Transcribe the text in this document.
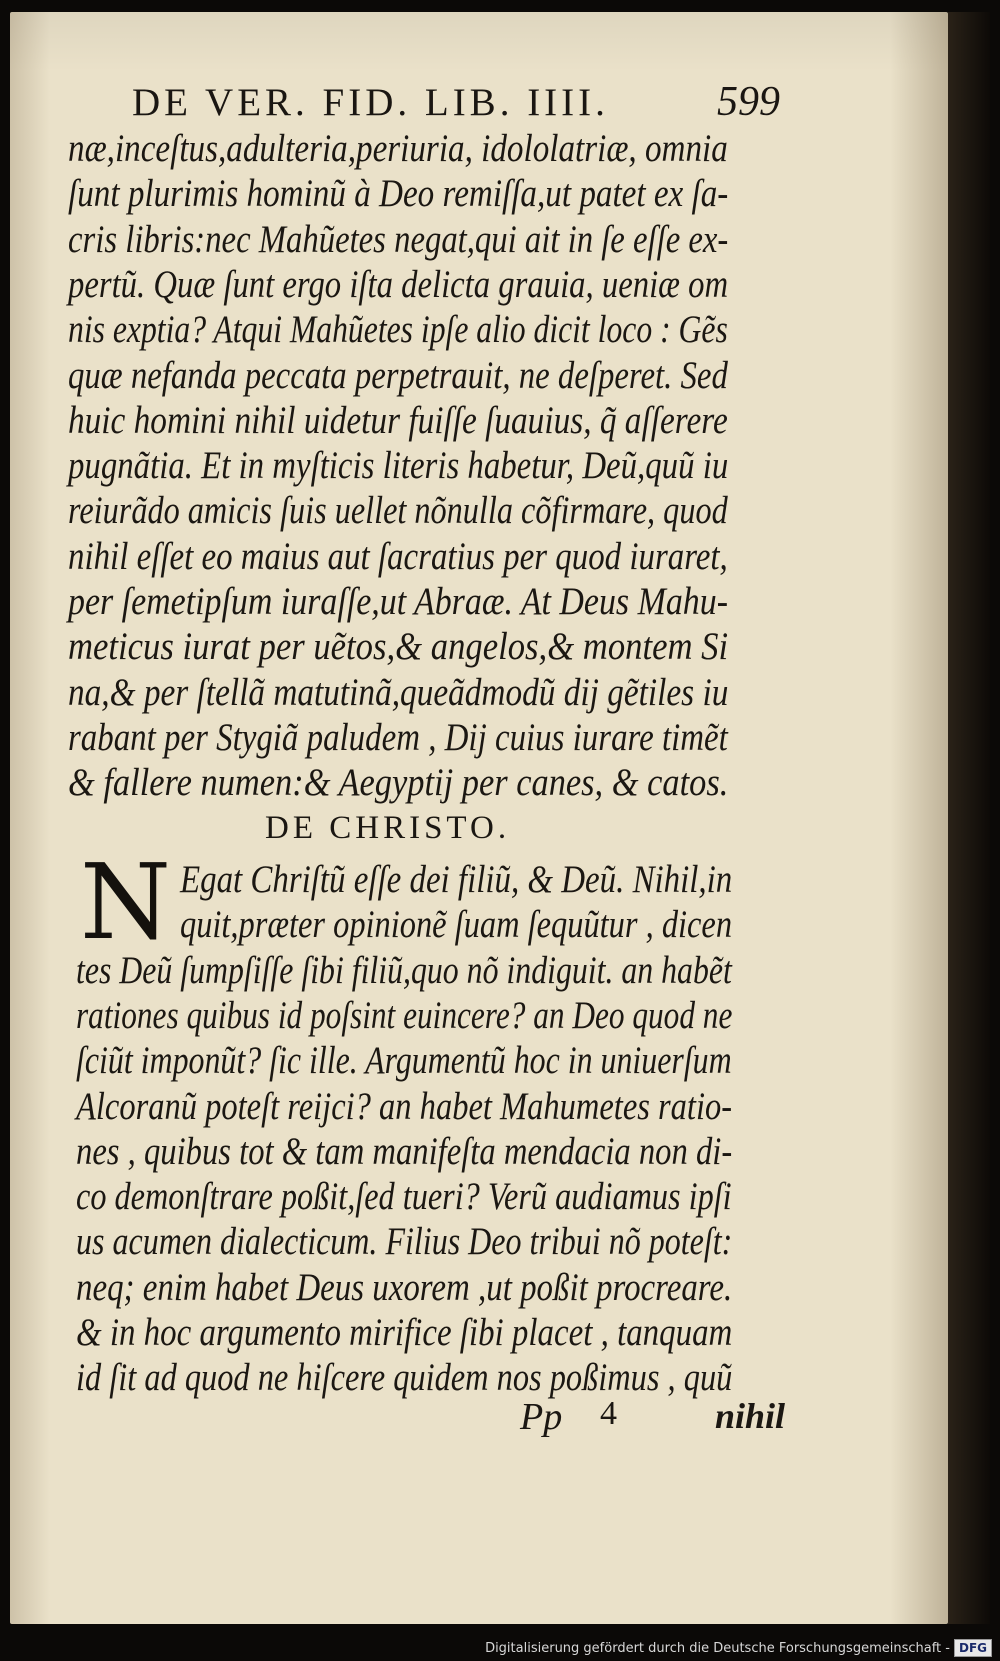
DE VER. FID. LIB. IIII.	599
næ,inceſtus,adulteria,periuria, idololatriæ, omnia
ſunt plurimis hominũ à Deo remiſſa,ut patet ex ſa-
cris libris:nec Mahũetes negat,qui ait in ſe eſſe ex-
pertũ. Quæ ſunt ergo iſta delicta grauia, ueniæ om
nis exptia? Atqui Mahũetes ipſe alio dicit loco : Gẽs
quæ nefanda peccata perpetrauit, ne deſperet. Sed
huic homini nihil uidetur fuiſſe ſuauius, q̃ aſſerere
pugnãtia. Et in myſticis literis habetur, Deũ,quũ iu
reiurãdo amicis ſuis uellet nõnulla cõfirmare, quod
nihil eſſet eo maius aut ſacratius per quod iuraret,
per ſemetipſum iuraſſe,ut Abraæ. At Deus Mahu-
meticus iurat per uẽtos,& angelos,& montem Si
na,& per ſtellã matutinã,queãdmodũ dij gẽtiles iu
rabant per Stygiã paludem , Dij cuius iurare timẽt
& fallere numen:& Aegyptij per canes, & catos.
DE CHRISTO.
N Egat Chriſtũ eſſe dei filiũ, & Deũ. Nihil,in
quit,præter opinionẽ ſuam ſequũtur , dicen
tes Deũ ſumpſiſſe ſibi filiũ,quo nõ indiguit. an habẽt
rationes quibus id poſsint euincere? an Deo quod ne
ſciũt imponũt? ſic ille. Argumentũ hoc in uniuerſum
Alcoranũ poteſt reijci? an habet Mahumetes ratio-
nes , quibus tot & tam manifeſta mendacia non di-
co demonſtrare poßit,ſed tueri? Verũ audiamus ipſi
us acumen dialecticum. Filius Deo tribui nõ poteſt:
neq; enim habet Deus uxorem ,ut poßit procreare.
& in hoc argumento mirifice ſibi placet , tanquam
id ſit ad quod ne hiſcere quidem nos poßimus , quũ
Pp 4	nihil
Digitalisierung gefördert durch die Deutsche Forschungsgemeinschaft - DFG
